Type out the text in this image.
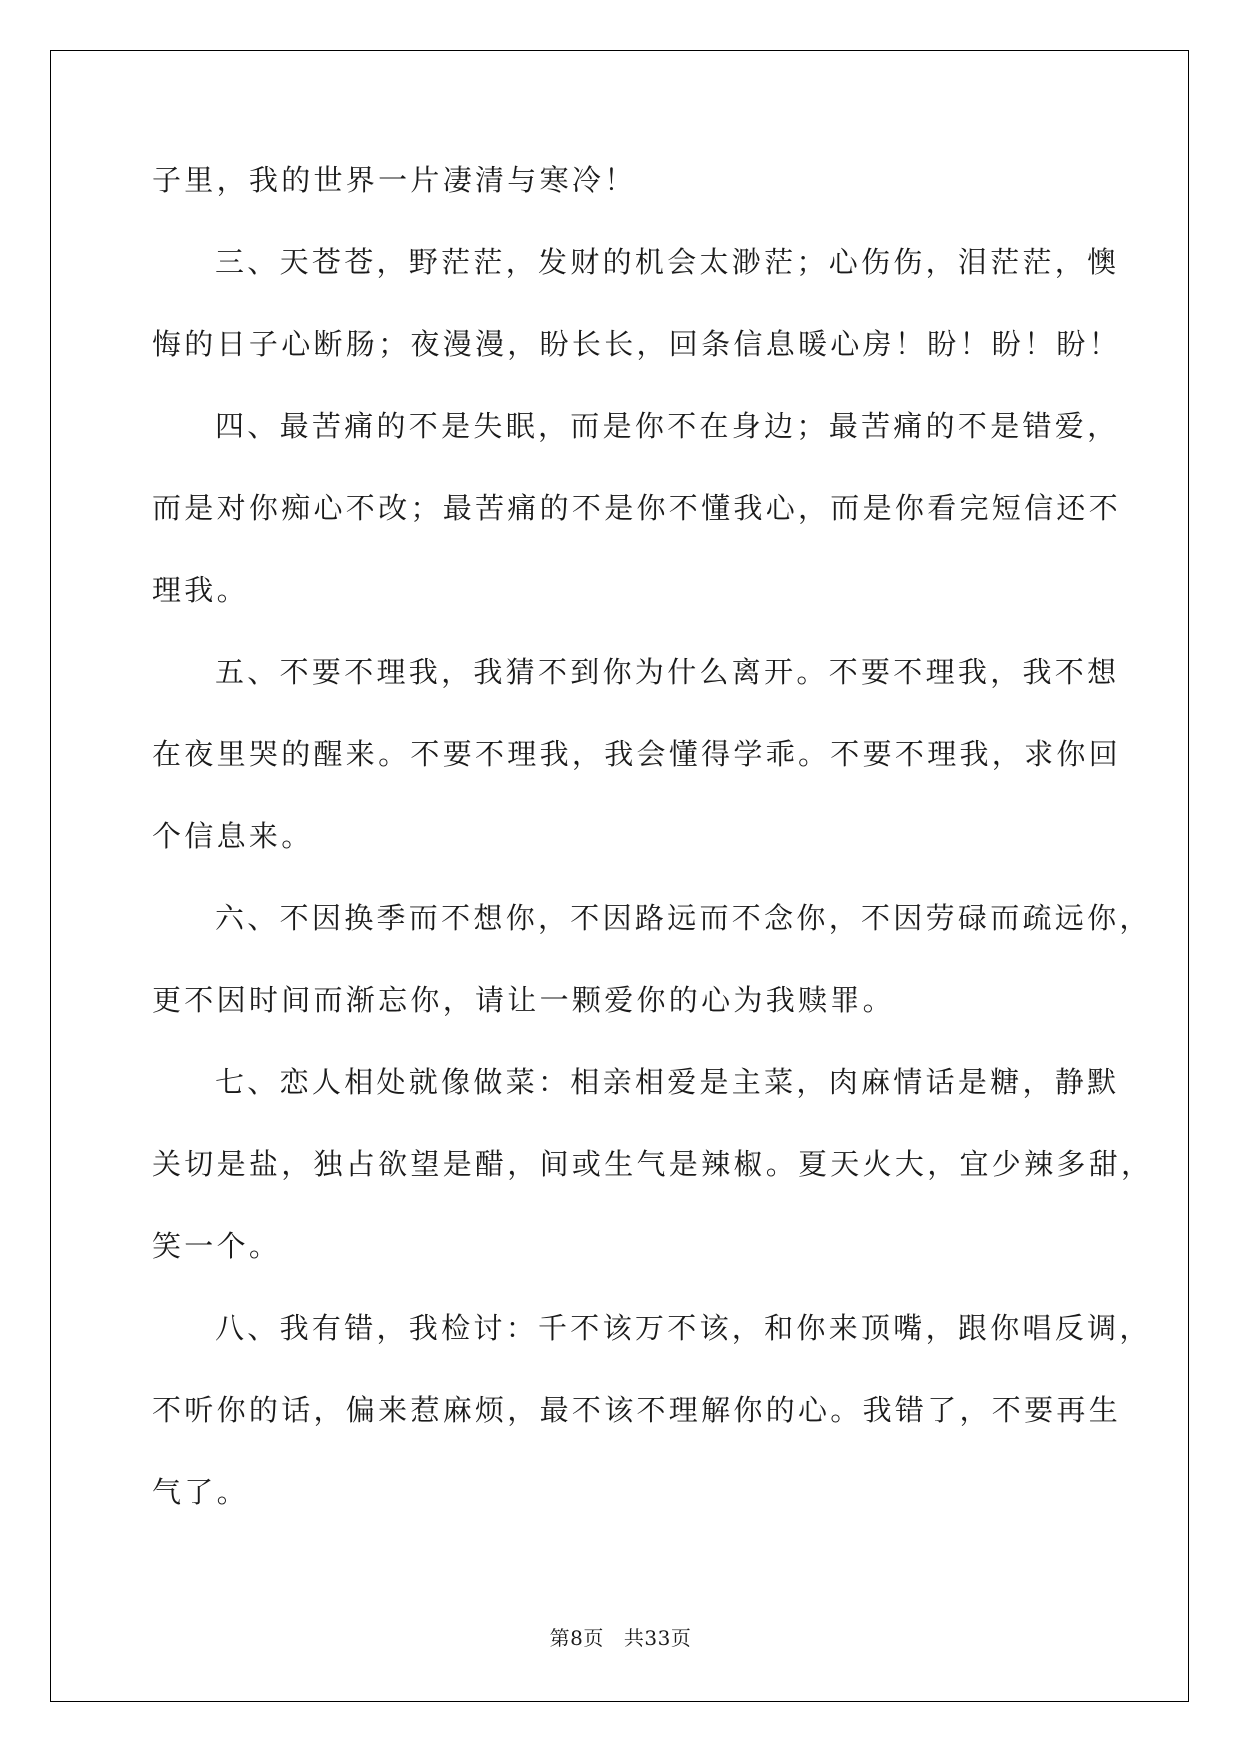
子里，我的世界一片凄清与寒冷！
三、天苍苍，野茫茫，发财的机会太渺茫；心伤伤，泪茫茫，懊
悔的日子心断肠；夜漫漫，盼长长，回条信息暖心房！盼！盼！盼！
四、最苦痛的不是失眠，而是你不在身边；最苦痛的不是错爱，
而是对你痴心不改；最苦痛的不是你不懂我心，而是你看完短信还不
理我。
五、不要不理我，我猜不到你为什么离开。不要不理我，我不想
在夜里哭的醒来。不要不理我，我会懂得学乖。不要不理我，求你回
个信息来。
六、不因换季而不想你，不因路远而不念你，不因劳碌而疏远你，
更不因时间而渐忘你，请让一颗爱你的心为我赎罪。
七、恋人相处就像做菜：相亲相爱是主菜，肉麻情话是糖，静默
关切是盐，独占欲望是醋，间或生气是辣椒。夏天火大，宜少辣多甜，
笑一个。
八、我有错，我检讨：千不该万不该，和你来顶嘴，跟你唱反调，
不听你的话，偏来惹麻烦，最不该不理解你的心。我错了，不要再生
气了。
第8页 共33页
